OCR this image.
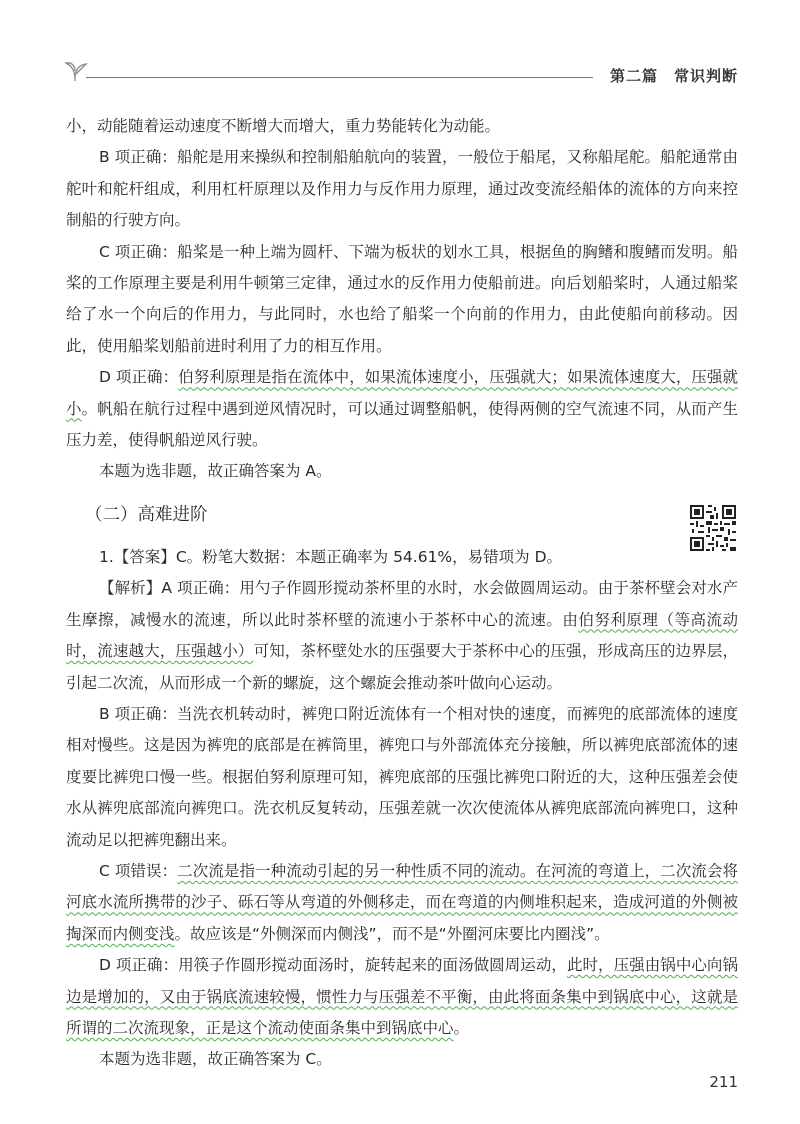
第二篇　常识判断

小，动能随着运动速度不断增大而增大，重力势能转化为动能。

B 项正确：船舵是用来操纵和控制船舶航向的装置，一般位于船尾，又称船尾舵。船舵通常由舵叶和舵杆组成，利用杠杆原理以及作用力与反作用力原理，通过改变流经船体的流体的方向来控制船的行驶方向。

C 项正确：船桨是一种上端为圆杆、下端为板状的划水工具，根据鱼的胸鳍和腹鳍而发明。船桨的工作原理主要是利用牛顿第三定律，通过水的反作用力使船前进。向后划船桨时，人通过船桨给了水一个向后的作用力，与此同时，水也给了船桨一个向前的作用力，由此使船向前移动。因此，使用船桨划船前进时利用了力的相互作用。

D 项正确：伯努利原理是指在流体中，如果流体速度小，压强就大；如果流体速度大，压强就小。帆船在航行过程中遇到逆风情况时，可以通过调整船帆，使得两侧的空气流速不同，从而产生压力差，使得帆船逆风行驶。

本题为选非题，故正确答案为 A。

（二）高难进阶

1.【答案】C。粉笔大数据：本题正确率为 54.61%，易错项为 D。

【解析】A 项正确：用勺子作圆形搅动茶杯里的水时，水会做圆周运动。由于茶杯壁会对水产生摩擦，减慢水的流速，所以此时茶杯壁的流速小于茶杯中心的流速。由伯努利原理（等高流动时，流速越大，压强越小）可知，茶杯壁处水的压强要大于茶杯中心的压强，形成高压的边界层，引起二次流，从而形成一个新的螺旋，这个螺旋会推动茶叶做向心运动。

B 项正确：当洗衣机转动时，裤兜口附近流体有一个相对快的速度，而裤兜的底部流体的速度相对慢些。这是因为裤兜的底部是在裤筒里，裤兜口与外部流体充分接触，所以裤兜底部流体的速度要比裤兜口慢一些。根据伯努利原理可知，裤兜底部的压强比裤兜口附近的大，这种压强差会使水从裤兜底部流向裤兜口。洗衣机反复转动，压强差就一次次使流体从裤兜底部流向裤兜口，这种流动足以把裤兜翻出来。

C 项错误：二次流是指一种流动引起的另一种性质不同的流动。在河流的弯道上，二次流会将河底水流所携带的沙子、砾石等从弯道的外侧移走，而在弯道的内侧堆积起来，造成河道的外侧被掏深而内侧变浅。故应该是“外侧深而内侧浅”，而不是“外圈河床要比内圈浅”。

D 项正确：用筷子作圆形搅动面汤时，旋转起来的面汤做圆周运动，此时，压强由锅中心向锅边是增加的，又由于锅底流速较慢，惯性力与压强差不平衡，由此将面条集中到锅底中心，这就是所谓的二次流现象，正是这个流动使面条集中到锅底中心。

本题为选非题，故正确答案为 C。

211
